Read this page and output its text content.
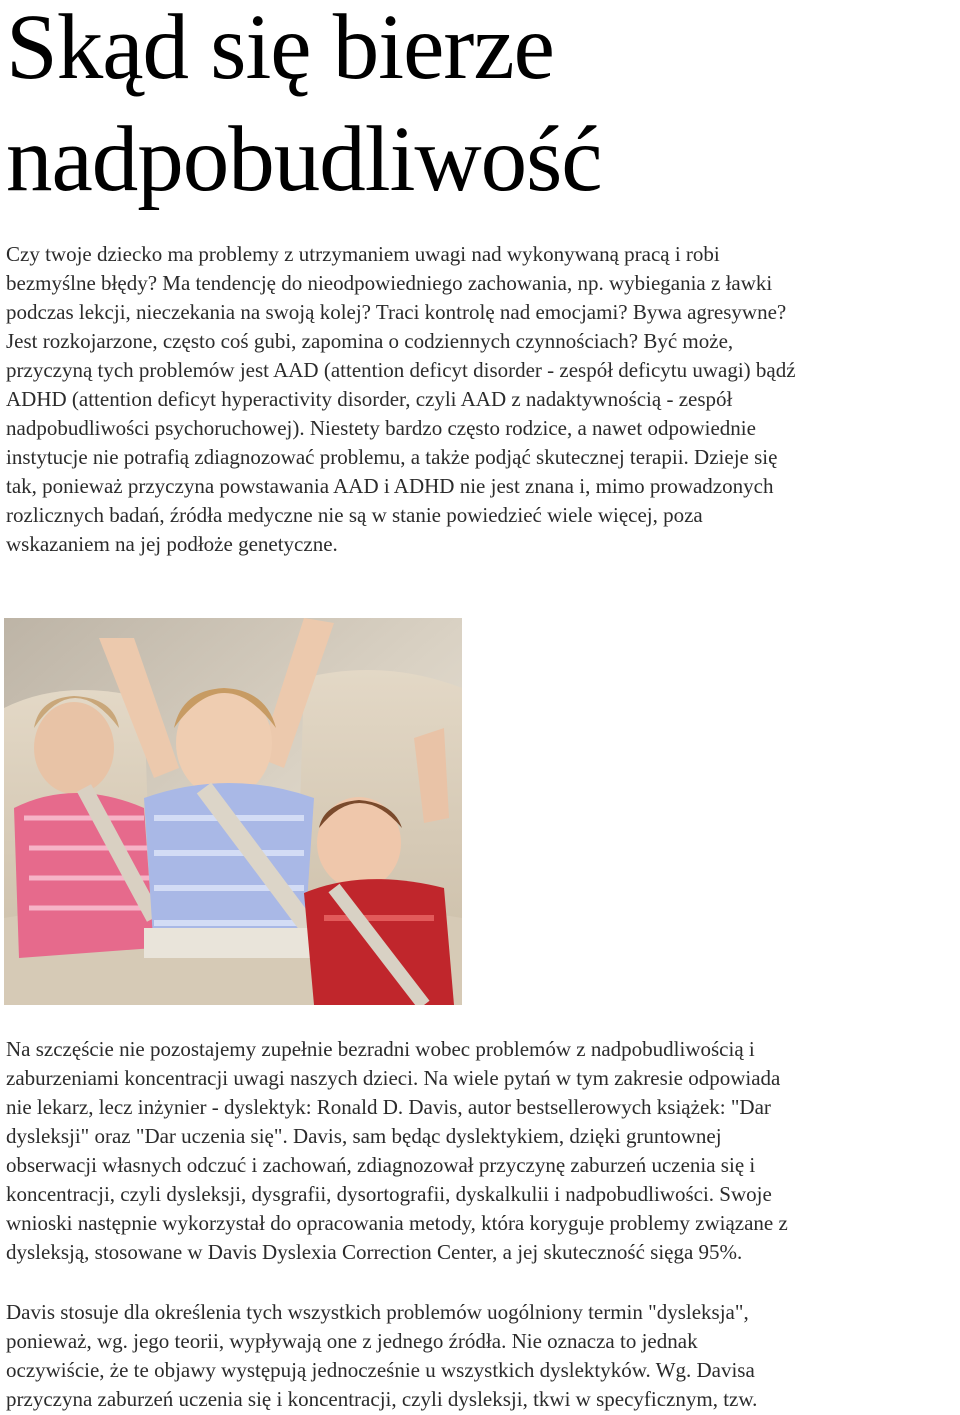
Skąd się bierze
nadpobudliwość

Czy twoje dziecko ma problemy z utrzymaniem uwagi nad wykonywaną pracą i robi
bezmyślne błędy? Ma tendencję do nieodpowiedniego zachowania, np. wybiegania z ławki
podczas lekcji, nieczekania na swoją kolej? Traci kontrolę nad emocjami? Bywa agresywne?
Jest rozkojarzone, często coś gubi, zapomina o codziennych czynnościach? Być może,
przyczyną tych problemów jest AAD (attention deficyt disorder - zespół deficytu uwagi) bądź
ADHD (attention deficyt hyperactivity disorder, czyli AAD z nadaktywnością - zespół
nadpobudliwości psychoruchowej). Niestety bardzo często rodzice, a nawet odpowiednie
instytucje nie potrafią zdiagnozować problemu, a także podjąć skutecznej terapii. Dzieje się
tak, ponieważ przyczyna powstawania AAD i ADHD nie jest znana i, mimo prowadzonych
rozlicznych badań, źródła medyczne nie są w stanie powiedzieć wiele więcej, poza
wskazaniem na jej podłoże genetyczne.

Na szczęście nie pozostajemy zupełnie bezradni wobec problemów z nadpobudliwością i
zaburzeniami koncentracji uwagi naszych dzieci. Na wiele pytań w tym zakresie odpowiada
nie lekarz, lecz inżynier - dyslektyk: Ronald D. Davis, autor bestsellerowych książek: "Dar
dysleksji" oraz "Dar uczenia się". Davis, sam będąc dyslektykiem, dzięki gruntownej
obserwacji własnych odczuć i zachowań, zdiagnozował przyczynę zaburzeń uczenia się i
koncentracji, czyli dysleksji, dysgrafii, dysortografii, dyskalkulii i nadpobudliwości. Swoje
wnioski następnie wykorzystał do opracowania metody, która koryguje problemy związane z
dysleksją, stosowane w Davis Dyslexia Correction Center, a jej skuteczność sięga 95%.

Davis stosuje dla określenia tych wszystkich problemów uogólniony termin "dysleksja",
ponieważ, wg. jego teorii, wypływają one z jednego źródła. Nie oznacza to jednak
oczywiście, że te objawy występują jednocześnie u wszystkich dyslektyków. Wg. Davisa
przyczyna zaburzeń uczenia się i koncentracji, czyli dysleksji, tkwi w specyficznym, tzw.
